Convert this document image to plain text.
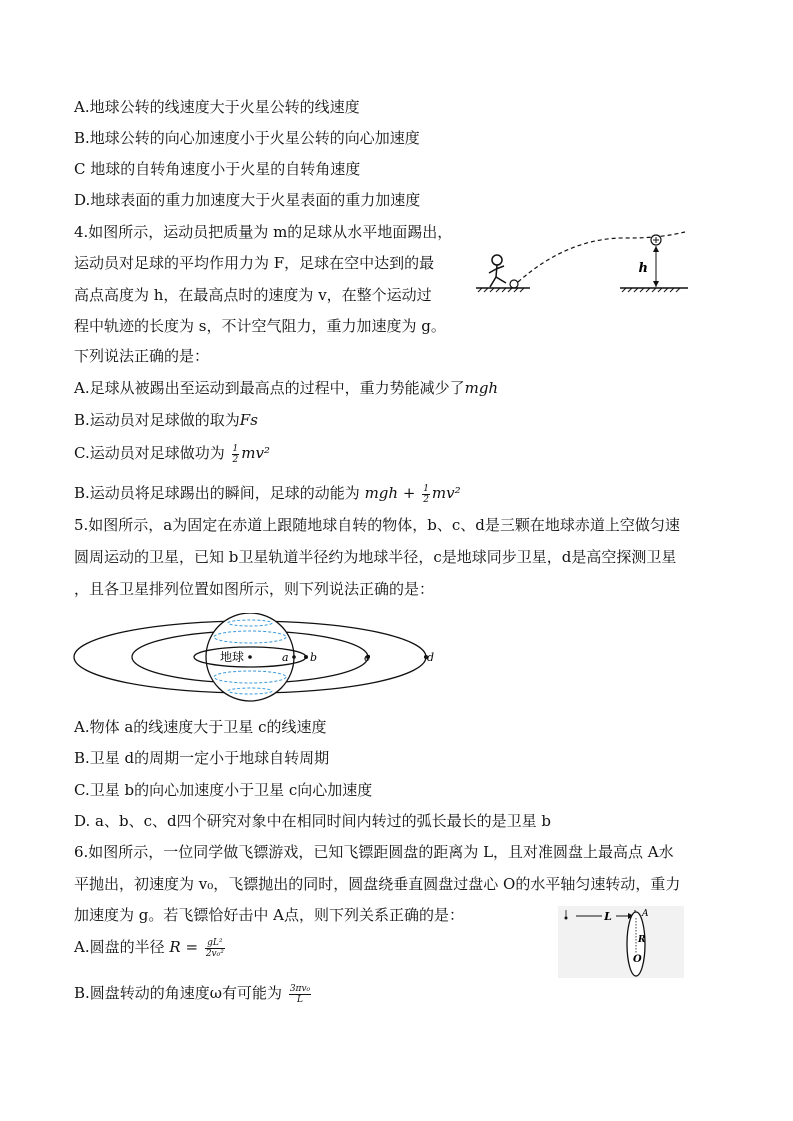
A.地球公转的线速度大于火星公转的线速度
B.地球公转的向心加速度小于火星公转的向心加速度
C 地球的自转角速度小于火星的自转角速度
D.地球表面的重力加速度大于火星表面的重力加速度
4.如图所示，运动员把质量为 m的足球从水平地面踢出，
运动员对足球的平均作用力为 F，足球在空中达到的最
高点高度为 h，在最高点时的速度为 v，在整个运动过
程中轨迹的长度为 s，不计空气阻力，重力加速度为 g。
下列说法正确的是：
h
A.足球从被踢出至运动到最高点的过程中，重力势能减少了mgh
B.运动员对足球做的取为Fs
C.运动员对足球做功为 $\frac{1}{2} mv^2$
B.运动员将足球踢出的瞬间，足球的动能为 mgh + $\frac{1}{2} mv^2$
5.如图所示，a为固定在赤道上跟随地球自转的物体，b、c、d是三颗在地球赤道上空做匀速
圆周运动的卫星，已知 b卫星轨道半径约为地球半径，c是地球同步卫星，d是高空探测卫星
，且各卫星排列位置如图所示，则下列说法正确的是：
地球	a b	c	d
A.物体 a的线速度大于卫星 c的线速度
B.卫星 d的周期一定小于地球自转周期
C.卫星 b的向心加速度小于卫星 c向心加速度
D. a、b、c、d四个研究对象中在相同时间内转过的弧长最长的是卫星 b
6.如图所示，一位同学做飞镖游戏，已知飞镖距圆盘的距离为 L，且对准圆盘上最高点 A水
平抛出，初速度为 v₀，飞镖抛出的同时，圆盘绕垂直圆盘过盘心 O的水平轴匀速转动，重力
加速度为 g。若飞镖恰好击中 A点，则下列关系正确的是：	L	A
R
O
A.圆盘的半径 $R = \frac{\text{gL²}}{\text{2v₀²}}$
B.圆盘转动的角速度ω有可能为 $\frac{\text{3πv₀}}{L}$
